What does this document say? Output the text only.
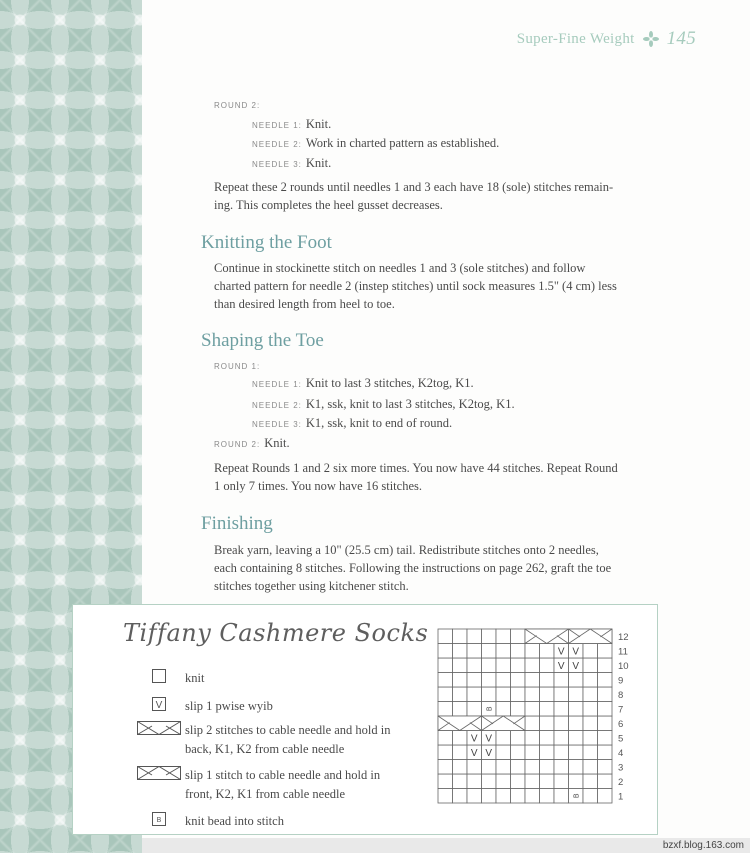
Super-Fine Weight 145
ROUND 2:
NEEDLE 1: Knit.
NEEDLE 2: Work in charted pattern as established.
NEEDLE 3: Knit.
Repeat these 2 rounds until needles 1 and 3 each have 18 (sole) stitches remain-
ing. This completes the heel gusset decreases.
Knitting the Foot
Continue in stockinette stitch on needles 1 and 3 (sole stitches) and follow
charted pattern for needle 2 (instep stitches) until sock measures 1.5" (4 cm) less
than desired length from heel to toe.
Shaping the Toe
ROUND 1:
NEEDLE 1: Knit to last 3 stitches, K2tog, K1.
NEEDLE 2: K1, ssk, knit to last 3 stitches, K2tog, K1.
NEEDLE 3: K1, ssk, knit to end of round.
ROUND 2: Knit.
Repeat Rounds 1 and 2 six more times. You now have 44 stitches. Repeat Round
1 only 7 times. You now have 16 stitches.
Finishing
Break yarn, leaving a 10" (25.5 cm) tail. Redistribute stitches onto 2 needles,
each containing 8 stitches. Following the instructions on page 262, graft the toe
stitches together using kitchener stitch.
Tiffany Cashmere Socks
knit
V slip 1 pwise wyib
slip 2 stitches to cable needle and hold in
back, K1, K2 from cable needle
slip 1 stitch to cable needle and hold in
front, K2, K1 from cable needle
B knit bead into stitch
V V
V V
V V
V V
B
B	1
2
3
4
5
6
7
8
9
10
11
12
bzxf.blog.163.com
